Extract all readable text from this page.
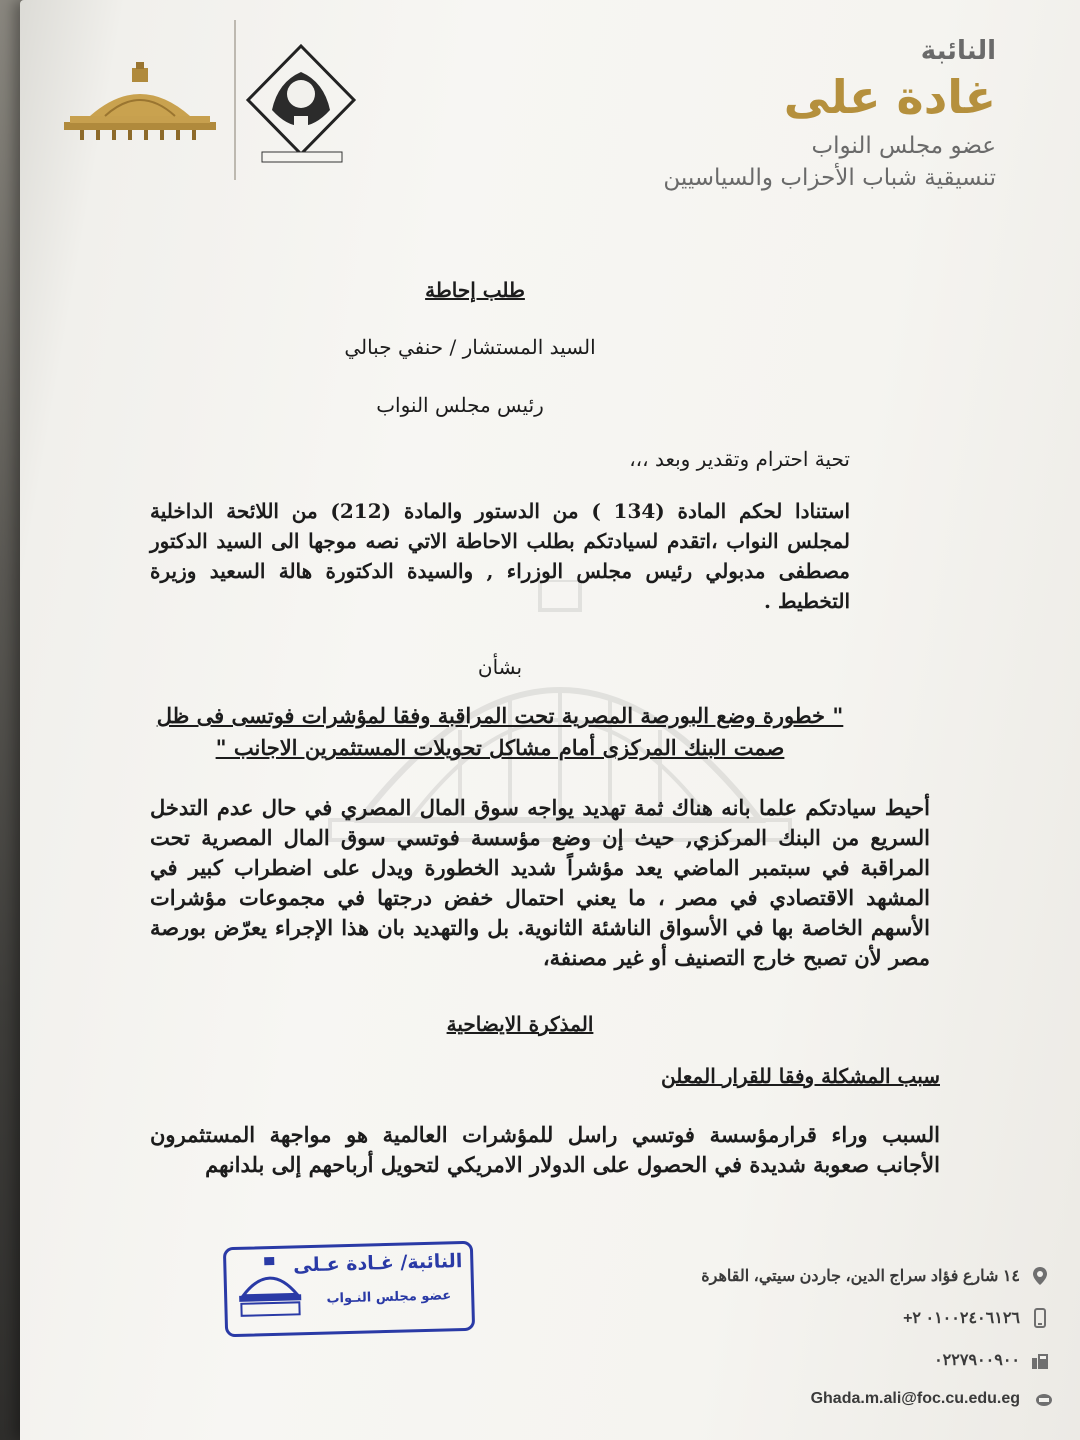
النائبة

غادة على

عضو مجلس النواب

تنسيقية شباب الأحزاب والسياسيين

طلب إحاطة
السيد المستشار / حنفي جبالي
رئيس مجلس النواب
تحية احترام وتقدير وبعد ،،،
استنادا لحكم المادة (134 ) من الدستور والمادة (212) من اللائحة الداخلية لمجلس النواب ،اتقدم لسيادتكم بطلب الاحاطة الاتي نصه موجها الى السيد الدكتور مصطفى مدبولي رئيس مجلس الوزراء , والسيدة الدكتورة هالة السعيد وزيرة التخطيط .
بشأن
" خطورة وضع البورصة المصرية تحت المراقبة وفقا لمؤشرات فوتسى فى ظل صمت البنك المركزى أمام مشاكل تحويلات المستثمرين الاجانب "
أحيط سيادتكم علما بانه هناك ثمة تهديد يواجه سوق المال المصري في حال عدم التدخل السريع من البنك المركزي, حيث إن وضع مؤسسة فوتسي سوق المال المصرية تحت المراقبة في سبتمبر الماضي يعد مؤشراً شديد الخطورة ويدل على اضطراب كبير في المشهد الاقتصادي في مصر ، ما يعني احتمال خفض درجتها في مجموعات مؤشرات الأسهم الخاصة بها في الأسواق الناشئة الثانوية. بل والتهديد بان هذا الإجراء يعرّض بورصة مصر لأن تصبح خارج التصنيف أو غير مصنفة،
المذكرة الايضاحية
سبب المشكلة وفقا للقرار المعلن
السبب وراء قرارمؤسسة فوتسي راسل للمؤشرات العالمية هو مواجهة المستثمرون الأجانب صعوبة شديدة في الحصول على الدولار الامريكي لتحويل أرباحهم إلى بلدانهم
النائبة/ غـادة عـلى
عضو مجلس النـواب
١٤ شارع فؤاد سراج الدين، جاردن سيتي، القاهرة
٠١٠٠٢٤٠٦١٢٦ ٢+
٠٢٢٧٩٠٠٩٠٠
Ghada.m.ali@foc.cu.edu.eg
